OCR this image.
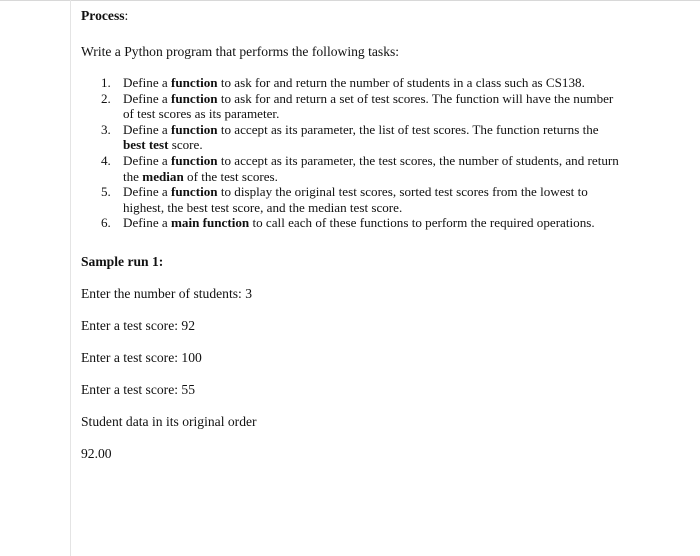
Process:

Write a Python program that performs the following tasks:

1. Define a function to ask for and return the number of students in a class such as CS138.
2. Define a function to ask for and return a set of test scores. The function will have the number of test scores as its parameter.
3. Define a function to accept as its parameter, the list of test scores. The function returns the best test score.
4. Define a function to accept as its parameter, the test scores, the number of students, and return the median of the test scores.
5. Define a function to display the original test scores, sorted test scores from the lowest to highest, the best test score, and the median test score.
6. Define a main function to call each of these functions to perform the required operations.

Sample run 1:

Enter the number of students: 3

Enter a test score: 92

Enter a test score: 100

Enter a test score: 55

Student data in its original order

92.00
